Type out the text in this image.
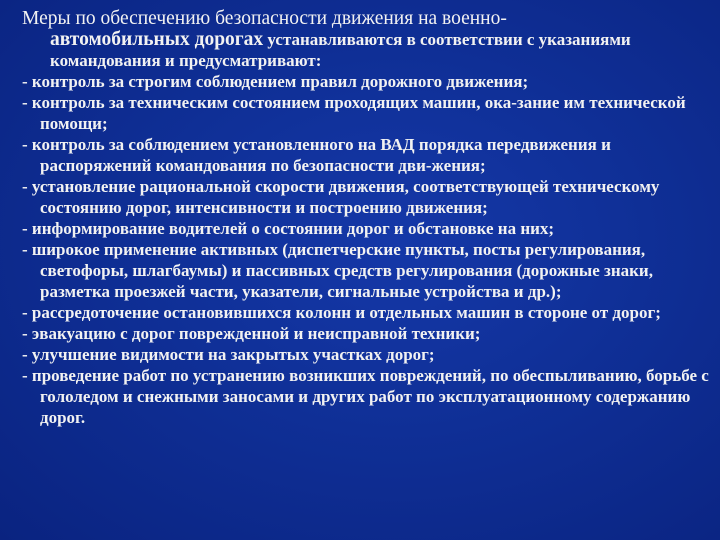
Меры по обеспечению безопасности движения на военно-
автомобильных дорогах устанавливаются в соответствии с указаниями командования и предусматривают:

- контроль за строгим соблюдением правил дорожного движения;

- контроль за техническим состоянием проходящих машин, ока-зание им технической помощи;

- контроль за соблюдением установленного на ВАД порядка передвижения и распоряжений командования по безопасности дви-жения;

- установление рациональной скорости движения, соответствующей техническому состоянию дорог, интенсивности и построению движения;

- информирование водителей о состоянии дорог и обстановке на них;

- широкое применение активных (диспетчерские пункты, посты регулирования, светофоры, шлагбаумы) и пассивных средств регулирования (дорожные знаки, разметка проезжей части, указатели, сигнальные устройства и др.);

- рассредоточение остановившихся колонн и отдельных машин в стороне от дорог;

- эвакуацию с дорог поврежденной и неисправной техники;

- улучшение видимости на закрытых участках дорог;

- проведение работ по устранению возникших повреждений, по обеспыливанию, борьбе с гололедом и снежными заносами и других работ по эксплуатационному содержанию дорог.
